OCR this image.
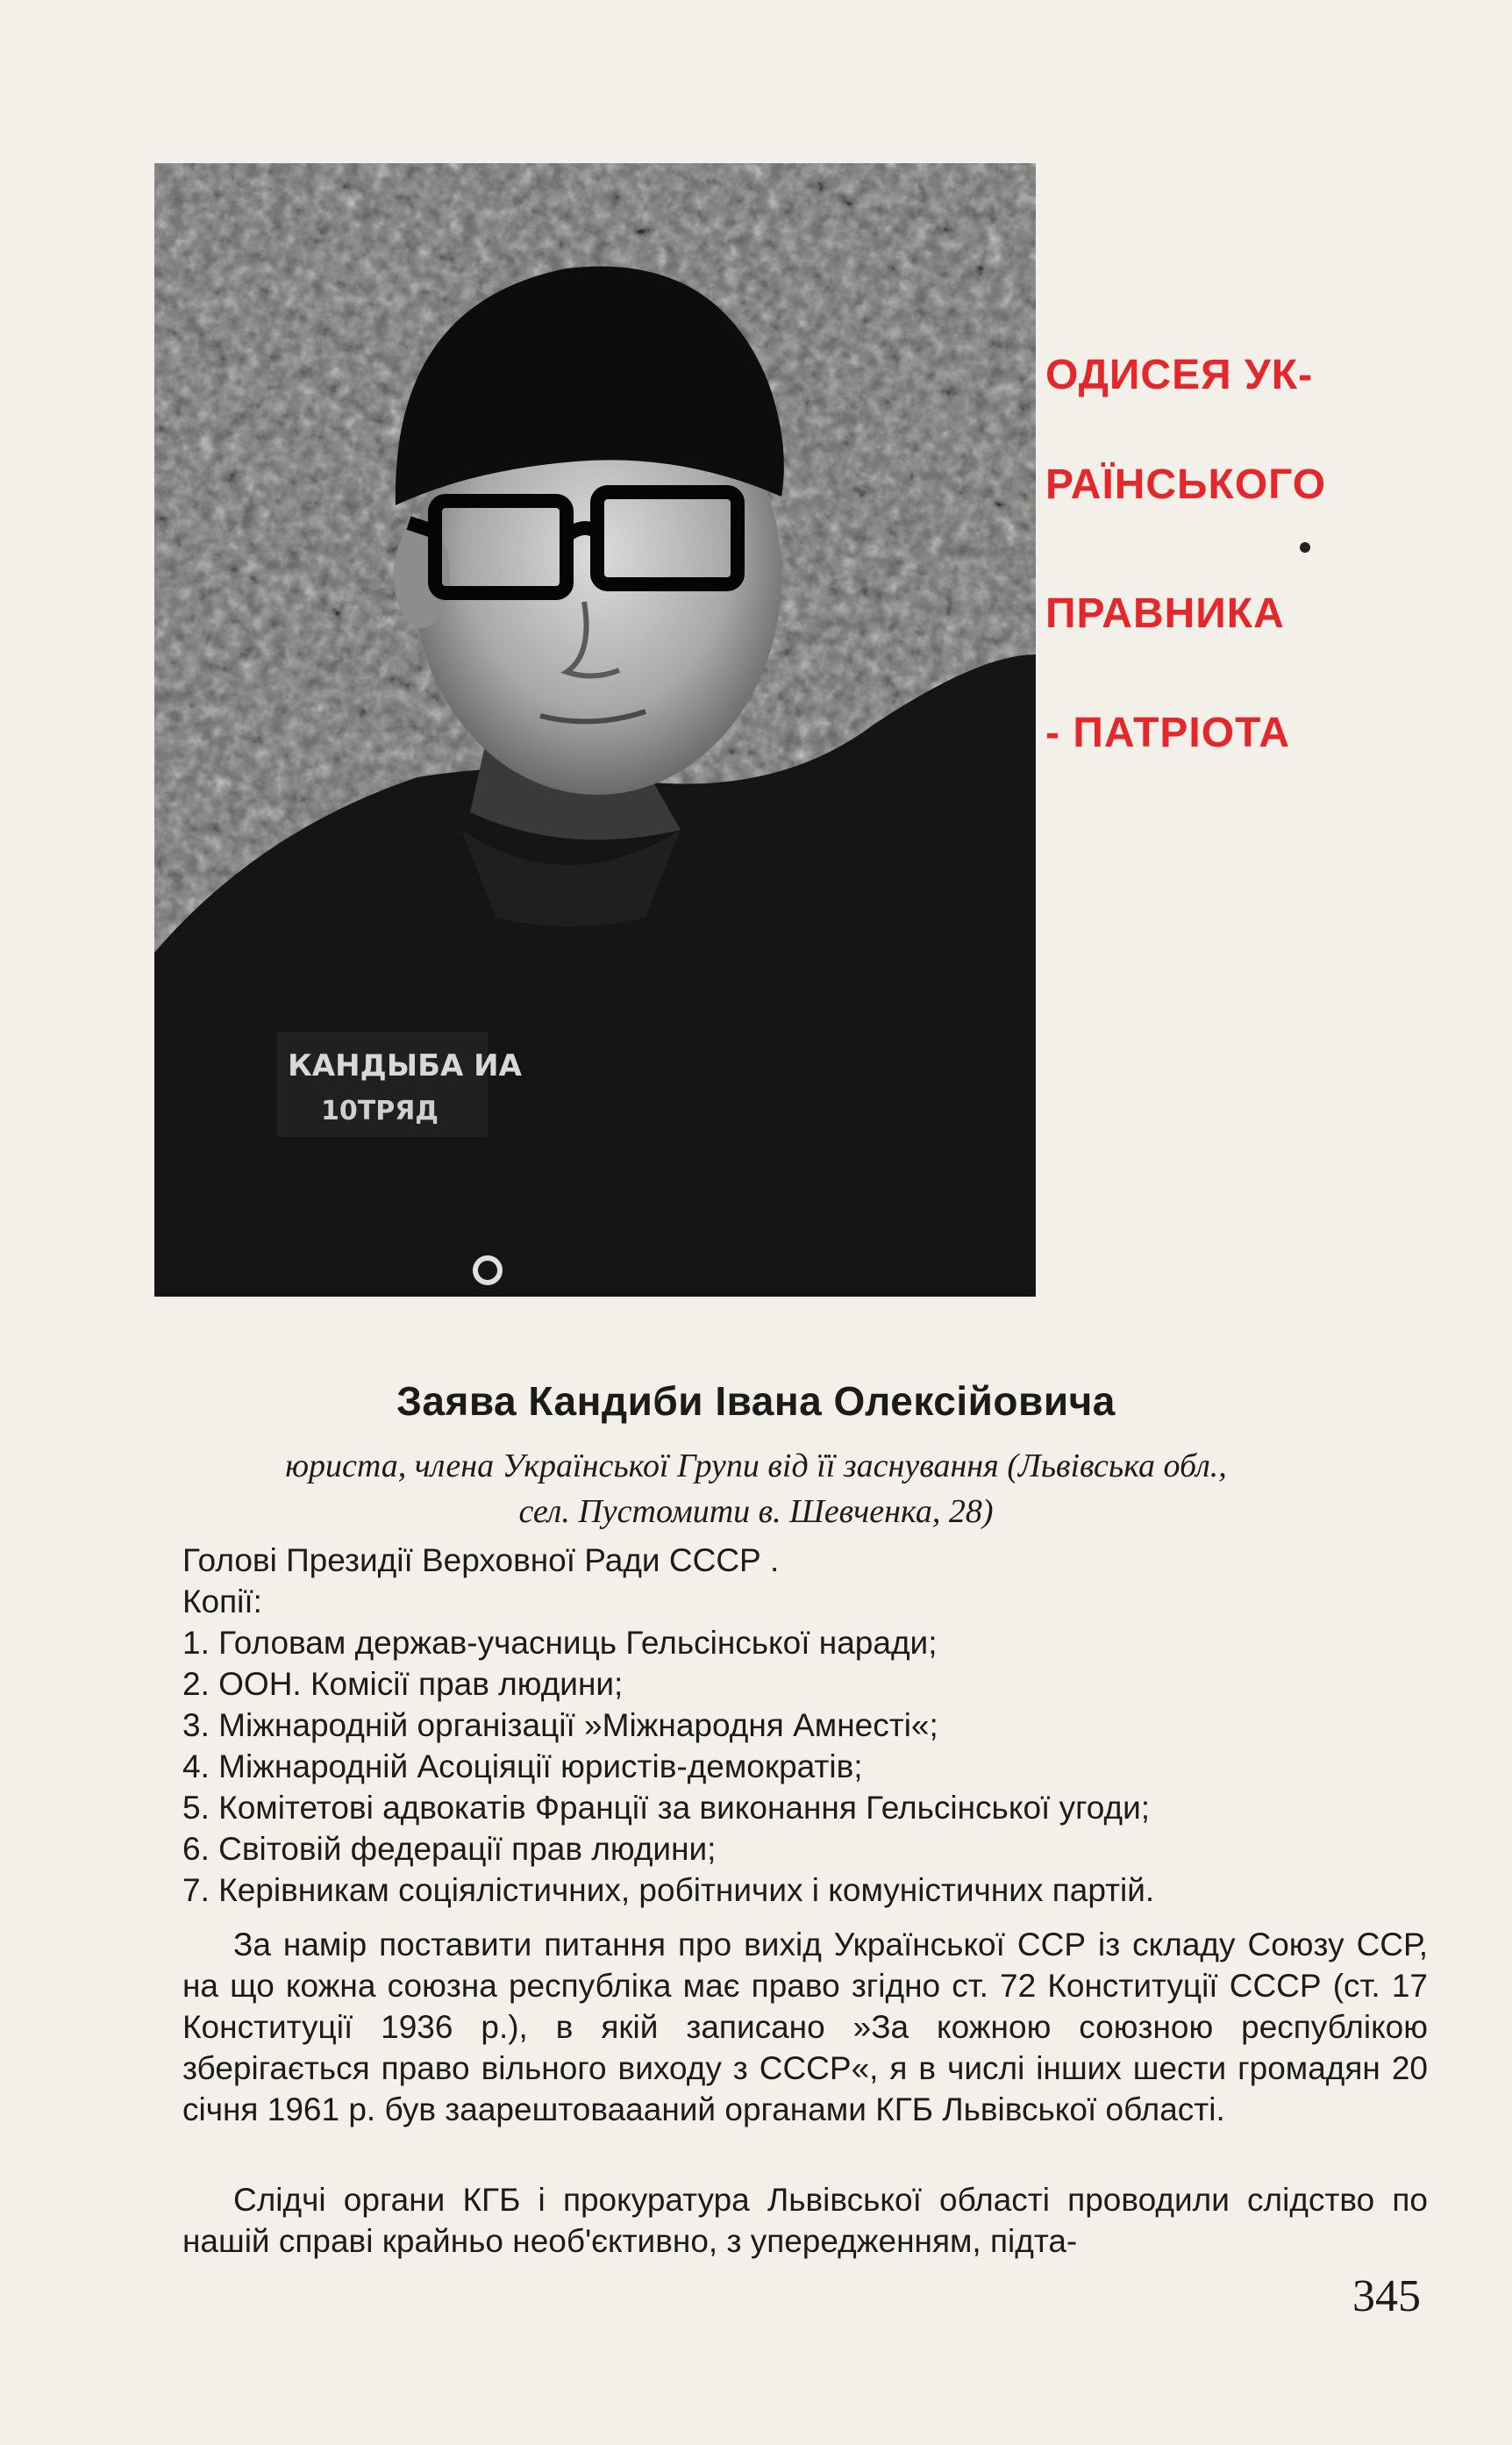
КАНДЫБА ИА
10ТРЯД
ОДИСЕЯ УК-
РАЇНСЬКОГО
ПРАВНИКА
- ПАТРІОТА
Заява Кандиби Івана Олексійовича
юриста, члена Української Групи від її заснування (Львівська обл.,
сел. Пустомити в. Шевченка, 28)
Голові Президії Верховної Ради СССР .
Копії:
1. Головам держав-учасниць Гельсінської наради;
2. ООН. Комісії прав людини;
3. Міжнародній організації »Міжнародня Амнесті«;
4. Міжнародній Асоціяції юристів-демократів;
5. Комітетові адвокатів Франції за виконання Гельсінської угоди;
6. Світовій федерації прав людини;
7. Керівникам соціялістичних, робітничих і комуністичних партій.
За намір поставити питання про вихід Української ССР із складу Союзу ССР, на що кожна союзна республіка має право згідно ст. 72 Конституції СССР (ст. 17 Конституції 1936 р.), в якій записано »За кожною союзною республікою зберігається право вільного виходу з СССР«, я в числі інших шести громадян 20 січня 1961 р. був заарештоваааний органами КГБ Львівської області.
Слідчі органи КГБ і прокуратура Львівської області проводили слідство по нашій справі крайньо необ'єктивно, з упередженням, підта-
345
